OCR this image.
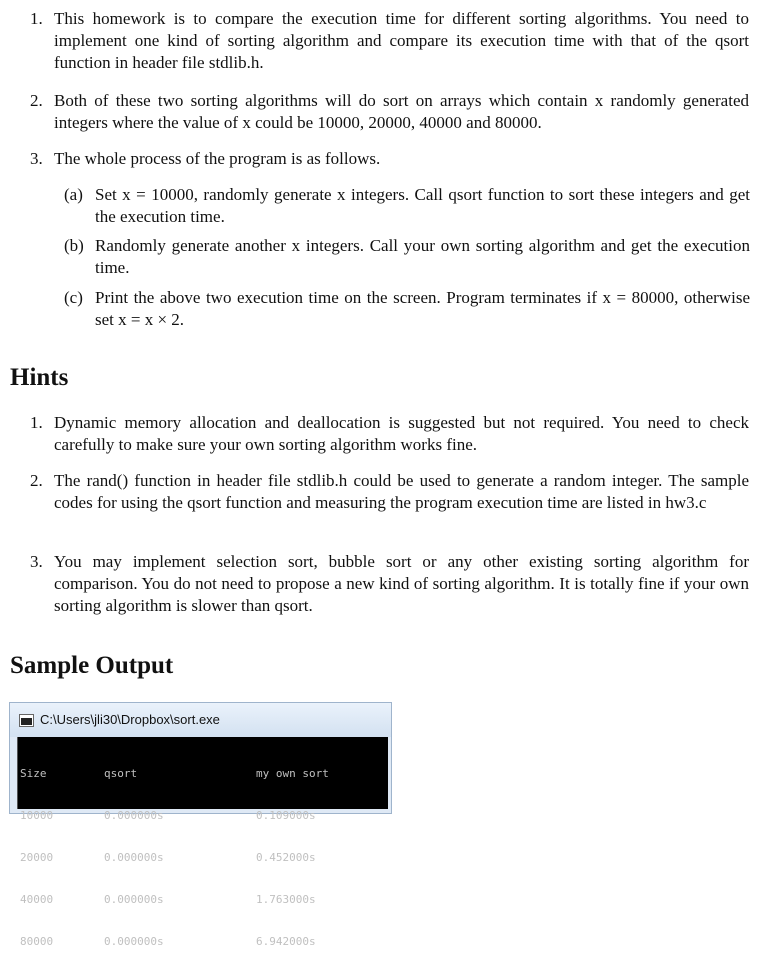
1. This homework is to compare the execution time for different sorting algorithms. You need to implement one kind of sorting algorithm and compare its execution time with that of the qsort function in header file stdlib.h.
2. Both of these two sorting algorithms will do sort on arrays which contain x randomly generated integers where the value of x could be 10000, 20000, 40000 and 80000.
3. The whole process of the program is as follows.
(a) Set x = 10000, randomly generate x integers. Call qsort function to sort these integers and get the execution time.
(b) Randomly generate another x integers. Call your own sorting algorithm and get the execution time.
(c) Print the above two execution time on the screen. Program terminates if x = 80000, otherwise set x = x × 2.
Hints
1. Dynamic memory allocation and deallocation is suggested but not required. You need to check carefully to make sure your own sorting algorithm works fine.
2. The rand() function in header file stdlib.h could be used to generate a random integer. The sample codes for using the qsort function and measuring the program execution time are listed in hw3.c
3. You may implement selection sort, bubble sort or any other existing sorting algorithm for comparison. You do not need to propose a new kind of sorting algorithm. It is totally fine if your own sorting algorithm is slower than qsort.
Sample Output
C:\Users\jli30\Dropbox\sort.exe

Size

10000

20000

40000

80000

qsort

0.000000s

0.000000s

0.000000s

0.000000s

my own sort

0.109000s

0.452000s

1.763000s

6.942000s
